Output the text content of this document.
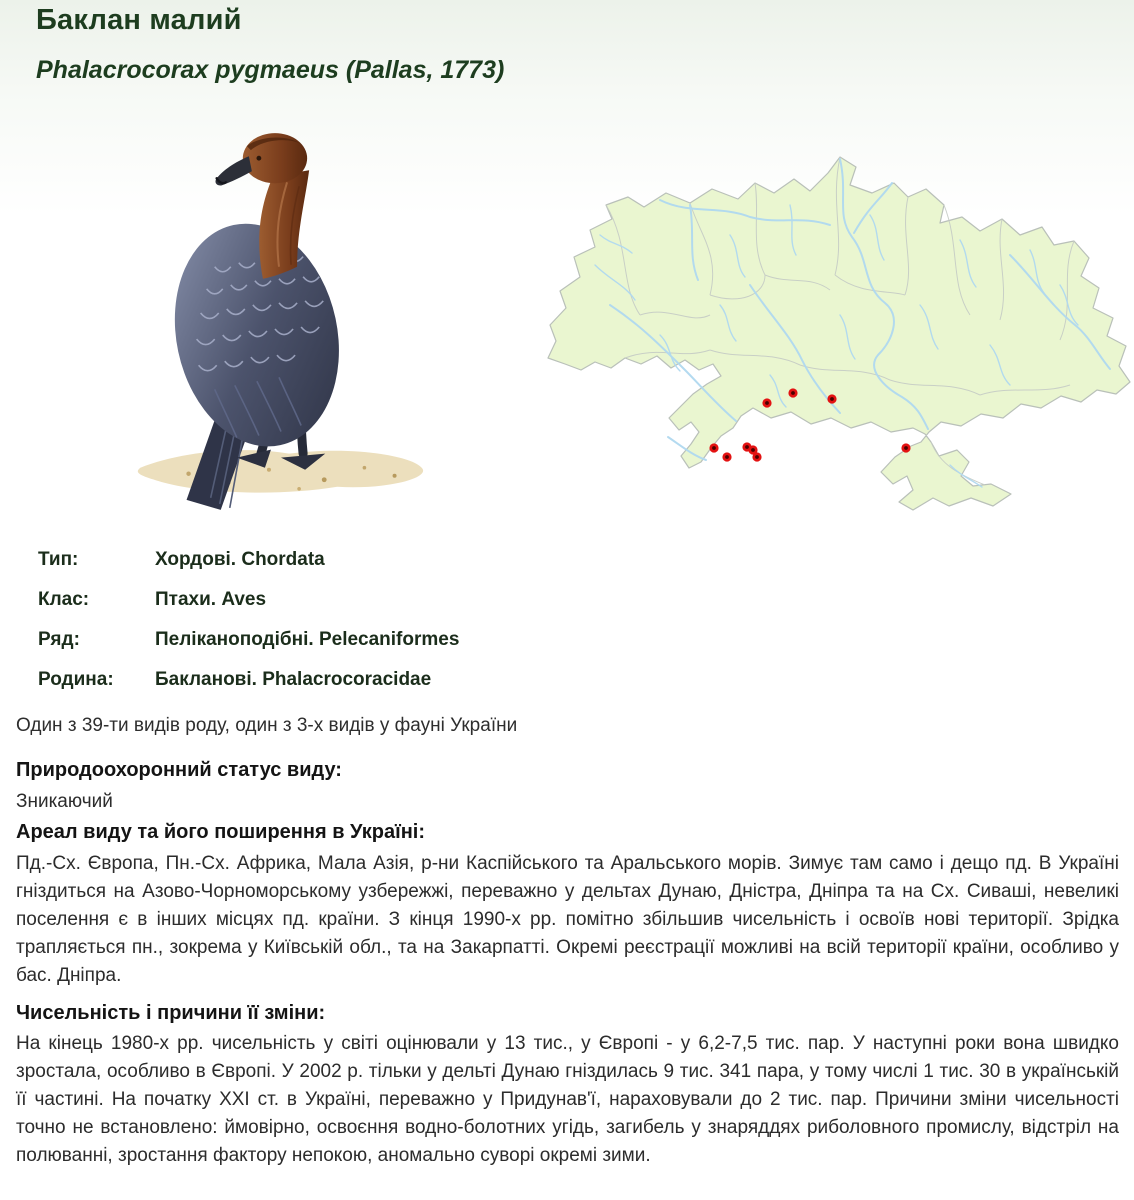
Баклан малий
Phalacrocorax pygmaeus (Pallas, 1773)
Тип:	Хордові. Chordata
Клас:	Птахи. Aves
Ряд:	Пеліканоподібні. Pelecaniformes
Родина:	Бакланові. Phalacrocoracidae
Один з 39-ти видів роду, один з 3-х видів у фауні України
Природоохоронний статус виду:

Зникаючий

Ареал виду та його поширення в Україні:

Пд.-Сх. Європа, Пн.-Сх. Африка, Мала Азія, р-ни Каспійського та Аральського морів. Зимує там само і дещо пд. В Україні гніздиться на Азово-Чорноморському узбережжі, переважно у дельтах Дунаю, Дністра, Дніпра та на Сх. Сиваші, невеликі поселення є в інших місцях пд. країни. З кінця 1990-х рр. помітно збільшив чисельність і освоїв нові території. Зрідка трапляється пн., зокрема у Київській обл., та на Закарпатті. Окремі реєстрації можливі на всій території країни, особливо у бас. Дніпра.

Чисельність і причини її зміни:

На кінець 1980-х рр. чисельність у світі оцінювали у 13 тис., у Європі - у 6,2-7,5 тис. пар. У наступні роки вона швидко зростала, особливо в Європі. У 2002 р. тільки у дельті Дунаю гніздилась 9 тис. 341 пара, у тому числі 1 тис. 30 в українській її частині. На початку XXI ст. в Україні, переважно у Придунав'ї, нараховували до 2 тис. пар. Причини зміни чисельності точно не встановлено: ймовірно, освоєння водно-болотних угідь, загибель у знаряддях риболовного промислу, відстріл на полюванні, зростання фактору непокою, аномально суворі окремі зими.
